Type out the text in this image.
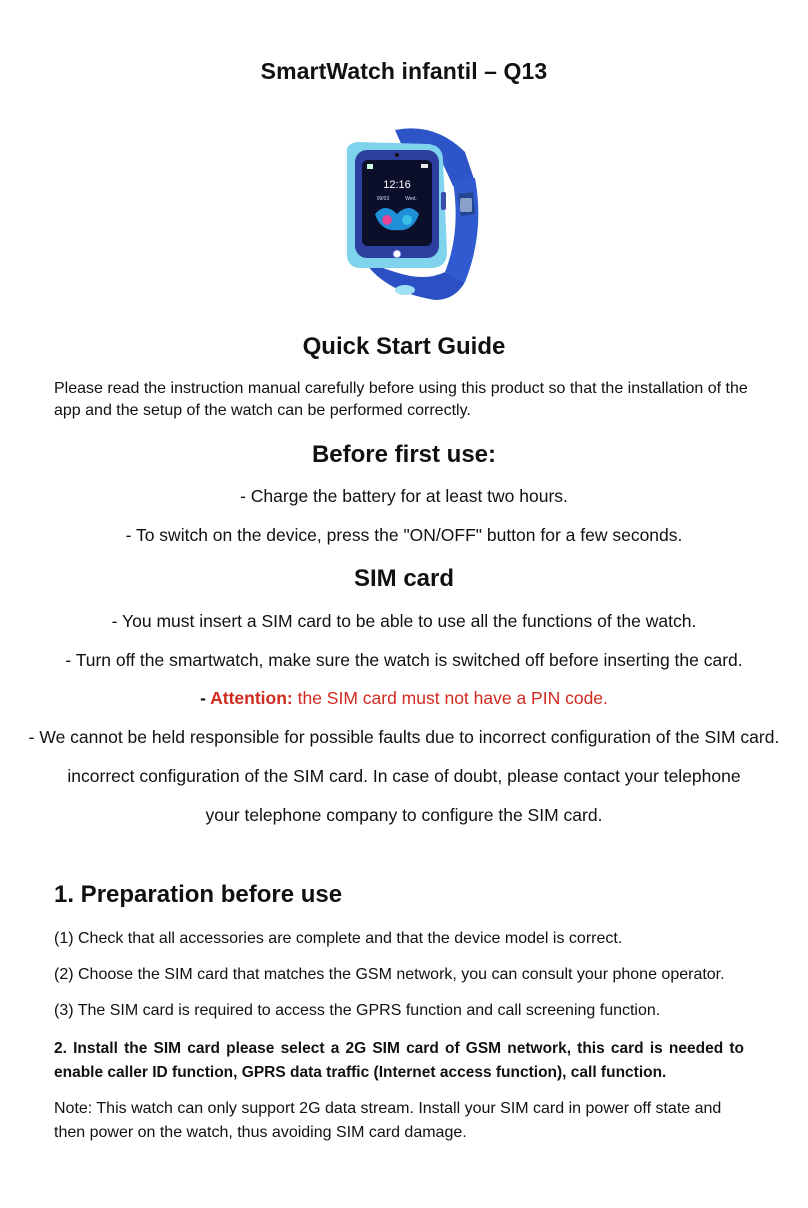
SmartWatch infantil – Q13
12:16
09/03	Wed.
Quick Start Guide
Please read the instruction manual carefully before using this product so that the installation of the app and the setup of the watch can be performed correctly.
Before first use:
- Charge the battery for at least two hours.
- To switch on the device, press the "ON/OFF" button for a few seconds.
SIM card
- You must insert a SIM card to be able to use all the functions of the watch.
- Turn off the smartwatch, make sure the watch is switched off before inserting the card.
- Attention: the SIM card must not have a PIN code.
- We cannot be held responsible for possible faults due to incorrect configuration of the SIM card.
incorrect configuration of the SIM card. In case of doubt, please contact your telephone
your telephone company to configure the SIM card.
1. Preparation before use
(1) Check that all accessories are complete and that the device model is correct.
(2) Choose the SIM card that matches the GSM network, you can consult your phone operator.
(3) The SIM card is required to access the GPRS function and call screening function.
2. Install the SIM card please select a 2G SIM card of GSM network, this card is needed to enable caller ID function, GPRS data traffic (Internet access function), call function.
Note: This watch can only support 2G data stream. Install your SIM card in power off state and then power on the watch, thus avoiding SIM card damage.
